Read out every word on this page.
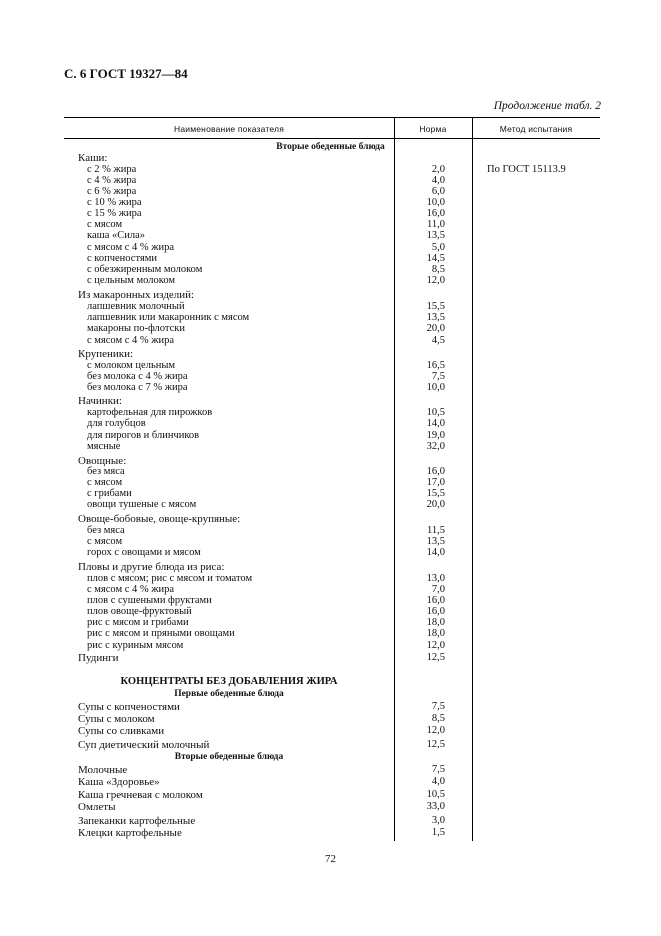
С. 6 ГОСТ 19327—84
Продолжение табл. 2
Наименование показателя	Норма	Метод испытания
Вторые обеденные блюда
Каши:
с 2 % жира	2,0	По ГОСТ 15113.9
с 4 % жира	4,0
с 6 % жира	6,0
с 10 % жира	10,0
с 15 % жира	16,0
с мясом	11,0
каша «Сила»	13,5
с мясом с 4 % жира	5,0
с копченостями	14,5
с обезжиренным молоком	8,5
с цельным молоком	12,0
Из макаронных изделий:
лапшевник молочный	15,5
лапшевник или макаронник с мясом	13,5
макароны по-флотски	20,0
с мясом с 4 % жира	4,5
Крупеники:
с молоком цельным	16,5
без молока с 4 % жира	7,5
без молока с 7 % жира	10,0
Начинки:
картофельная для пирожков	10,5
для голубцов	14,0
для пирогов и блинчиков	19,0
мясные	32,0
Овощные:
без мяса	16,0
с мясом	17,0
с грибами	15,5
овощи тушеные с мясом	20,0
Овоще-бобовые, овоще-крупяные:
без мяса	11,5
с мясом	13,5
горох с овощами и мясом	14,0
Пловы и другие блюда из риса:
плов с мясом; рис с мясом и томатом	13,0
с мясом с 4 % жира	7,0
плов с сушеными фруктами	16,0
плов овоще-фруктовый	16,0
рис с мясом и грибами	18,0
рис с мясом и пряными овощами	18,0
рис с куриным мясом	12,0
Пудинги	12,5
КОНЦЕНТРАТЫ БЕЗ ДОБАВЛЕНИЯ ЖИРА
Первые обеденные блюда
Супы с копченостями	7,5
Супы с молоком	8,5
Супы со сливками	12,0
Суп диетический молочный	12,5
Вторые обеденные блюда
Молочные	7,5
Каша «Здоровье»	4,0
Каша гречневая с молоком	10,5
Омлеты	33,0
Запеканки картофельные	3,0
Клецки картофельные	1,5
72
